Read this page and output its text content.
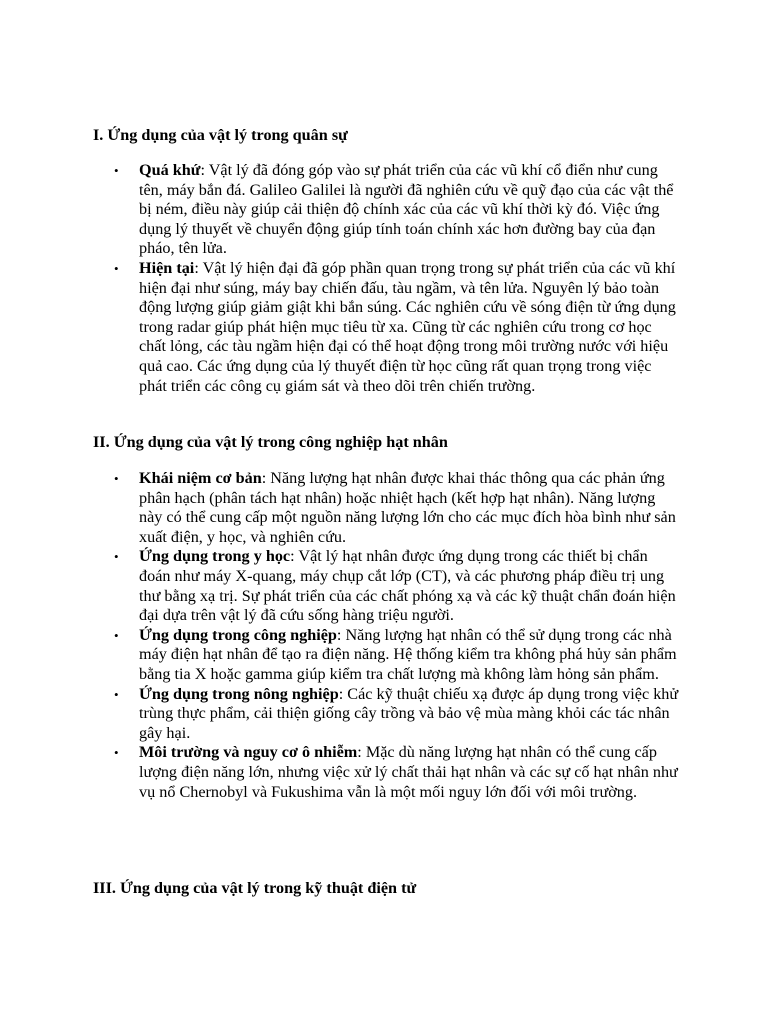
I. Ứng dụng của vật lý trong quân sự
• Quá khứ: Vật lý đã đóng góp vào sự phát triển của các vũ khí cổ điển như cung tên, máy bắn đá. Galileo Galilei là người đã nghiên cứu về quỹ đạo của các vật thể bị ném, điều này giúp cải thiện độ chính xác của các vũ khí thời kỳ đó. Việc ứng dụng lý thuyết về chuyển động giúp tính toán chính xác hơn đường bay của đạn pháo, tên lửa.
• Hiện tại: Vật lý hiện đại đã góp phần quan trọng trong sự phát triển của các vũ khí hiện đại như súng, máy bay chiến đấu, tàu ngầm, và tên lửa. Nguyên lý bảo toàn động lượng giúp giảm giật khi bắn súng. Các nghiên cứu về sóng điện từ ứng dụng trong radar giúp phát hiện mục tiêu từ xa. Cũng từ các nghiên cứu trong cơ học chất lỏng, các tàu ngầm hiện đại có thể hoạt động trong môi trường nước với hiệu quả cao. Các ứng dụng của lý thuyết điện từ học cũng rất quan trọng trong việc phát triển các công cụ giám sát và theo dõi trên chiến trường.
II. Ứng dụng của vật lý trong công nghiệp hạt nhân
• Khái niệm cơ bản: Năng lượng hạt nhân được khai thác thông qua các phản ứng phân hạch (phân tách hạt nhân) hoặc nhiệt hạch (kết hợp hạt nhân). Năng lượng này có thể cung cấp một nguồn năng lượng lớn cho các mục đích hòa bình như sản xuất điện, y học, và nghiên cứu.
• Ứng dụng trong y học: Vật lý hạt nhân được ứng dụng trong các thiết bị chẩn đoán như máy X-quang, máy chụp cắt lớp (CT), và các phương pháp điều trị ung thư bằng xạ trị. Sự phát triển của các chất phóng xạ và các kỹ thuật chẩn đoán hiện đại dựa trên vật lý đã cứu sống hàng triệu người.
• Ứng dụng trong công nghiệp: Năng lượng hạt nhân có thể sử dụng trong các nhà máy điện hạt nhân để tạo ra điện năng. Hệ thống kiểm tra không phá hủy sản phẩm bằng tia X hoặc gamma giúp kiểm tra chất lượng mà không làm hỏng sản phẩm.
• Ứng dụng trong nông nghiệp: Các kỹ thuật chiếu xạ được áp dụng trong việc khử trùng thực phẩm, cải thiện giống cây trồng và bảo vệ mùa màng khỏi các tác nhân gây hại.
• Môi trường và nguy cơ ô nhiễm: Mặc dù năng lượng hạt nhân có thể cung cấp lượng điện năng lớn, nhưng việc xử lý chất thải hạt nhân và các sự cố hạt nhân như vụ nổ Chernobyl và Fukushima vẫn là một mối nguy lớn đối với môi trường.
III. Ứng dụng của vật lý trong kỹ thuật điện tử
